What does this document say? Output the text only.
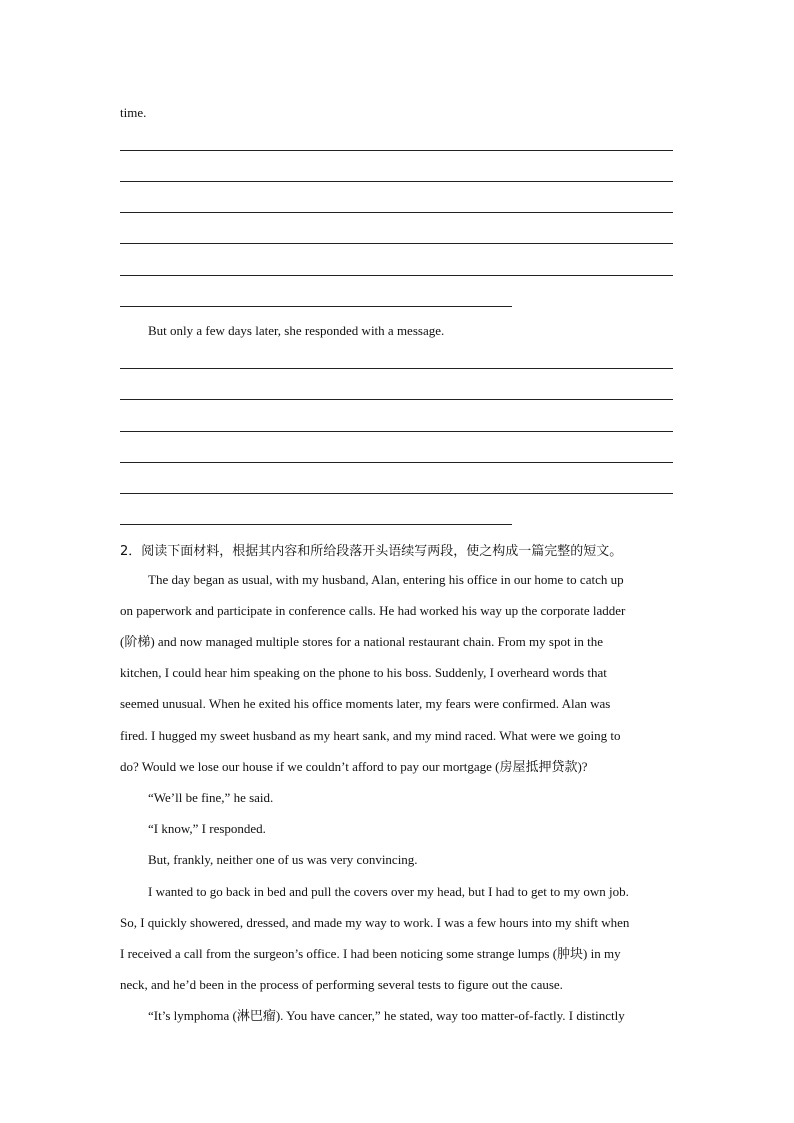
time.
But only a few days later, she responded with a message.
2．阅读下面材料，根据其内容和所给段落开头语续写两段，使之构成一篇完整的短文。
The day began as usual, with my husband, Alan, entering his office in our home to catch up
on paperwork and participate in conference calls. He had worked his way up the corporate ladder
(阶梯) and now managed multiple stores for a national restaurant chain. From my spot in the
kitchen, I could hear him speaking on the phone to his boss. Suddenly, I overheard words that
seemed unusual. When he exited his office moments later, my fears were confirmed. Alan was
fired. I hugged my sweet husband as my heart sank, and my mind raced. What were we going to
do? Would we lose our house if we couldn’t afford to pay our mortgage (房屋抵押贷款)?
“We’ll be fine,” he said.
“I know,” I responded.
But, frankly, neither one of us was very convincing.
I wanted to go back in bed and pull the covers over my head, but I had to get to my own job.
So, I quickly showered, dressed, and made my way to work. I was a few hours into my shift when
I received a call from the surgeon’s office. I had been noticing some strange lumps (肿块) in my
neck, and he’d been in the process of performing several tests to figure out the cause.
“It’s lymphoma (淋巴瘤). You have cancer,” he stated, way too matter-of-factly. I distinctly
